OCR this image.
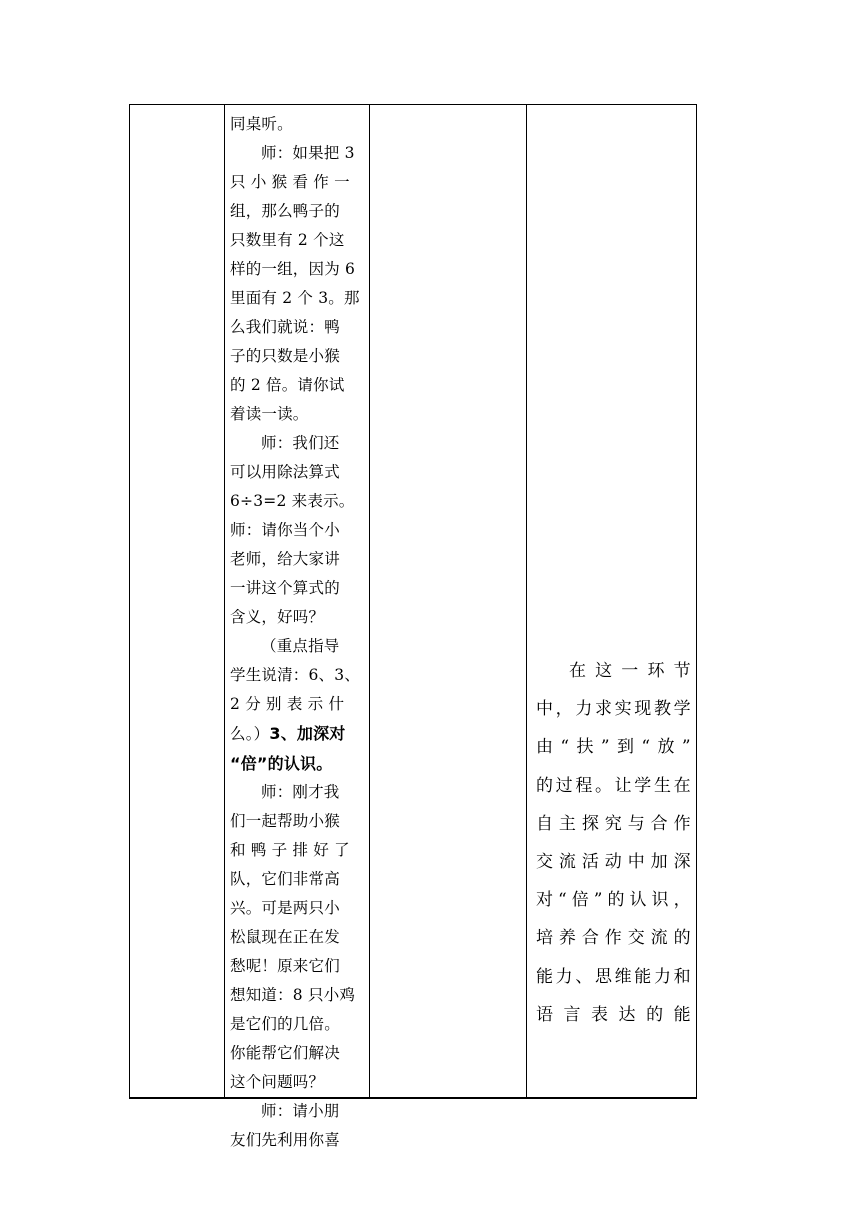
同桌听。

师：如果把 3

只 小 猴 看 作 一

组，那么鸭子的

只数里有 2 个这

样的一组，因为 6

里面有 2 个 3。那

么我们就说：鸭

子的只数是小猴

的 2 倍。请你试

着读一读。

师：我们还

可以用除法算式

6÷3=2 来表示。

师：请你当个小

老师，给大家讲

一讲这个算式的

含义，好吗？

（重点指导

学生说清：6、3、

2 分 别 表 示 什

么。）3、加深对

“倍”的认识。

师：刚才我

们一起帮助小猴

和 鸭 子 排 好 了

队，它们非常高

兴。可是两只小

松鼠现在正在发

愁呢！原来它们

想知道：8 只小鸡

是它们的几倍。

你能帮它们解决

这个问题吗？

师：请小朋

友们先利用你喜

在这一环节

中，力求实现教学

由“扶”到“放”

的过程。让学生在

自主探究与合作

交流活动中加深

对“倍”的认识，

培养合作交流的

能力、思维能力和

语言表达的能
